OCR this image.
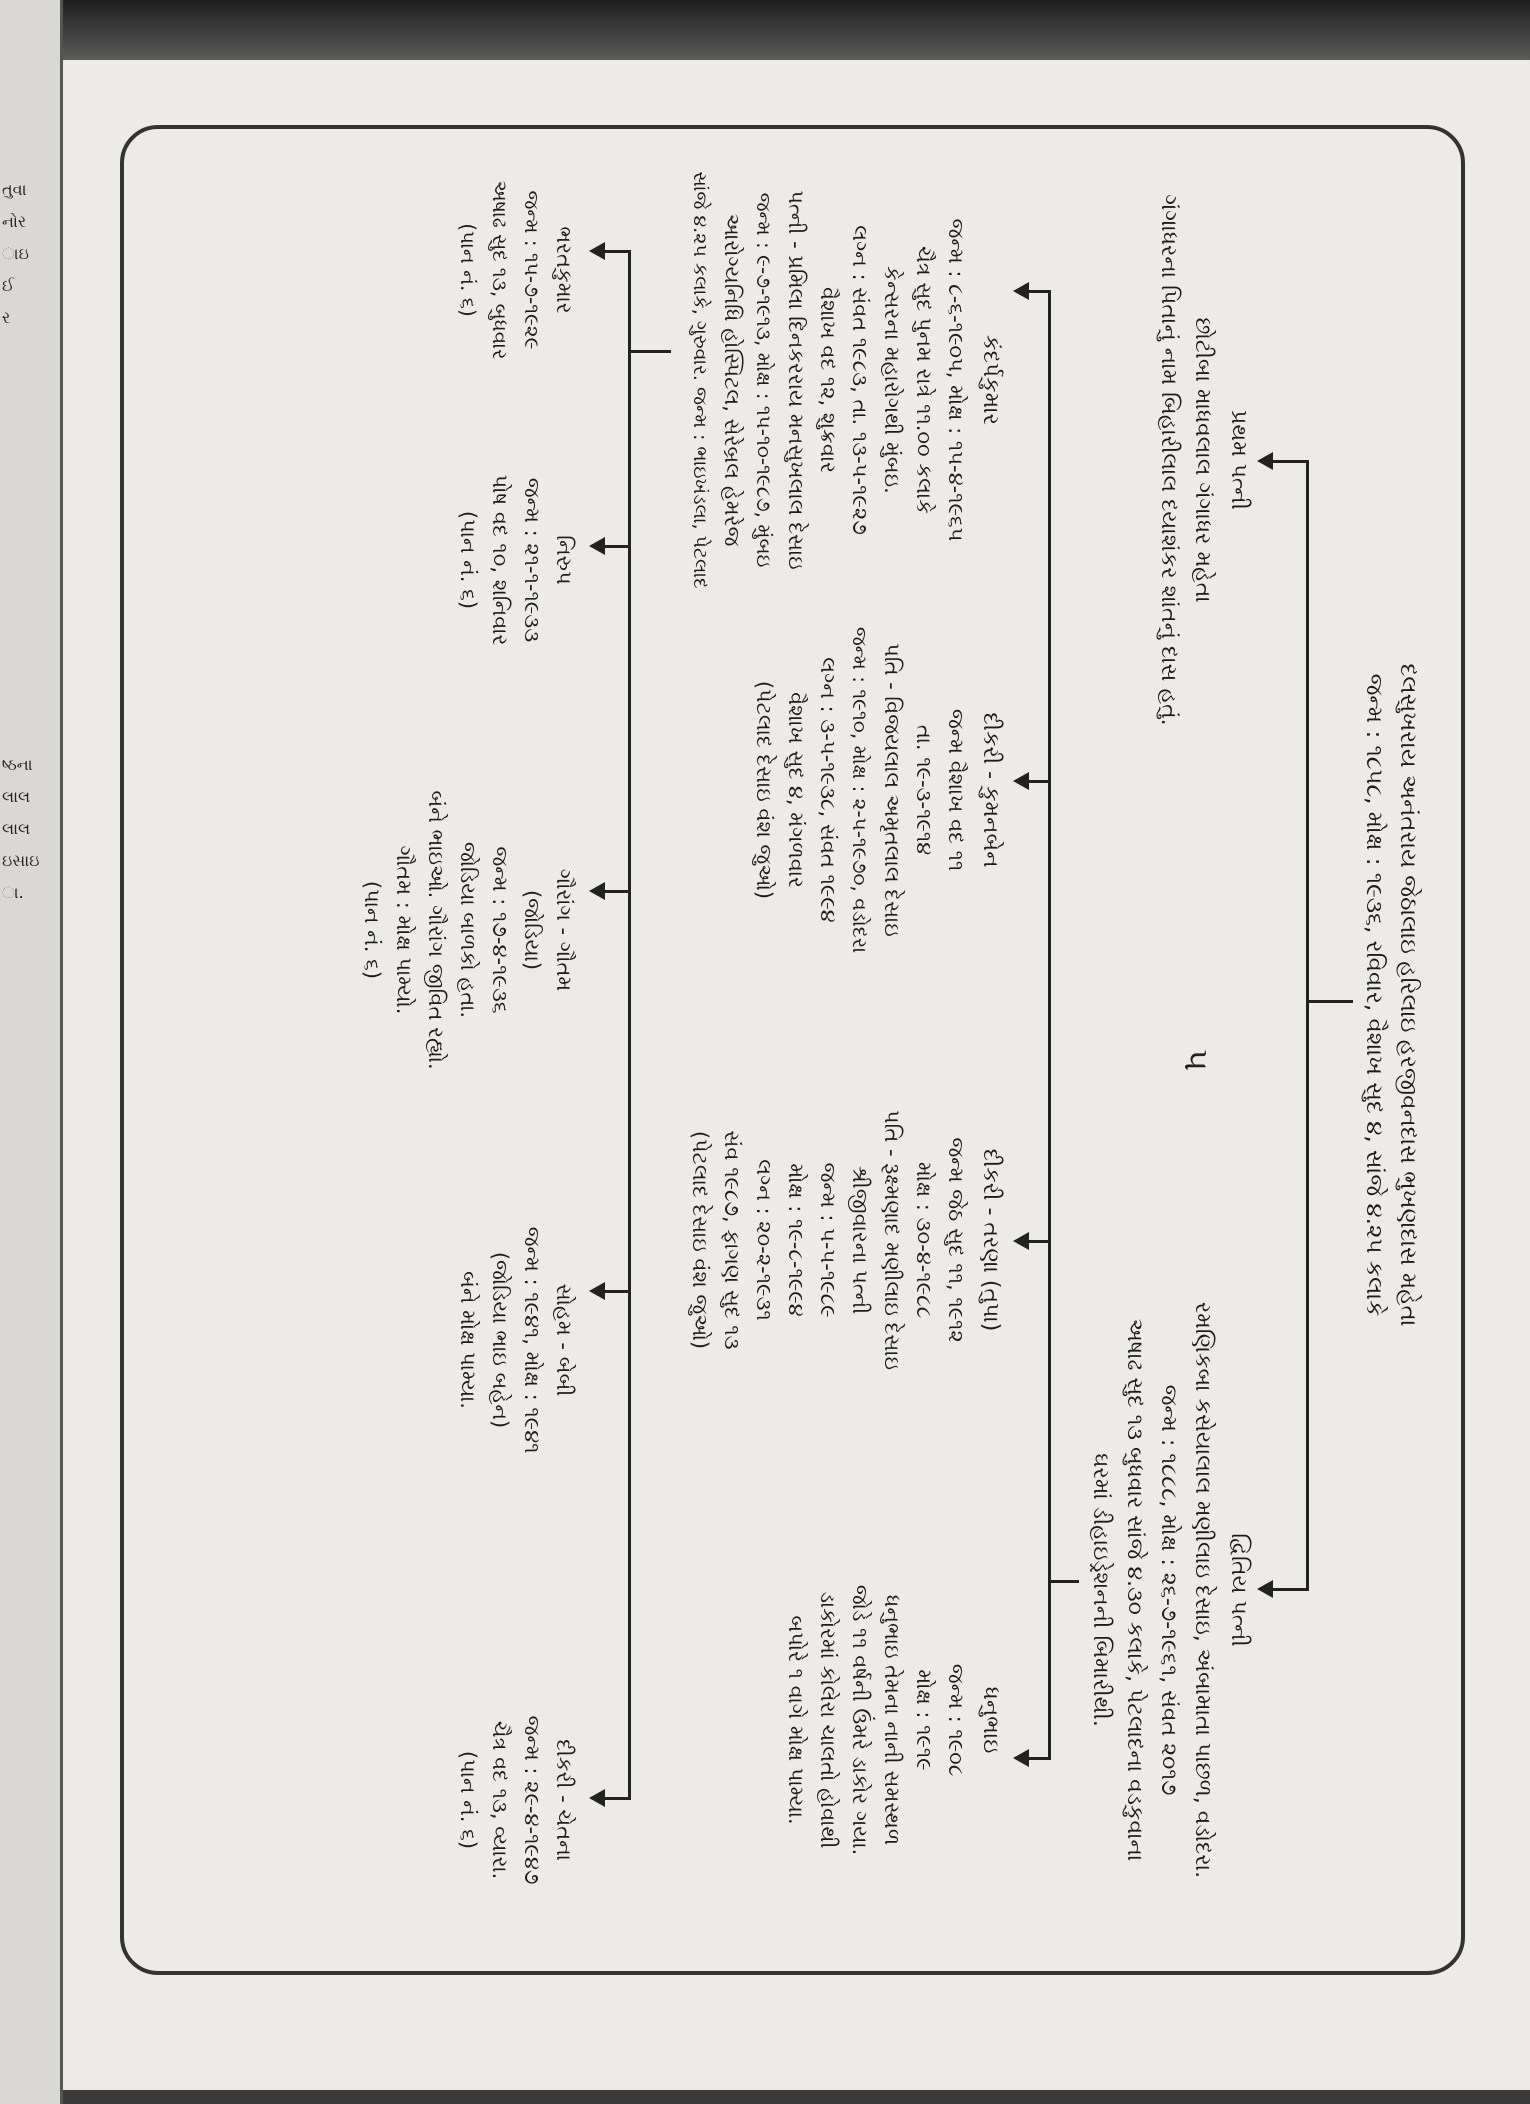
તુવા
નોર
ાઇ
ઈ
ર
ષ્ઠના
લાલ
લાલ
ઇસાઇ
ા.	દલસુખરાય અનંતરાય જેઠાલાઇ હરિલાઇ હરજીવનદાસ ભુખણદાસ મહેતા
જન્મ : ૧૮૫૮, મોક્ષ : ૧૯૩૬, રવિવાર, વૈશાખ સુદ ૪, સાંજે ૪.૨૫ કલાકે
પ્રથમ પત્ની
છોટીબા માધવલાલ ગંગાધર મહેતા
ગંગાધરના પિતાનું નામ બિહારીલાલ દયાશંકર શાંતનું દાસ હતું.
દ્વિતિય પત્ની
રમણિકબા કસેયાલાલ મણીલાઇ દેસાઇ, અંબામાતા પાછળ, વડોદરા.
જન્મ : ૧૮૮૮, મોક્ષ : ૨૬-૭-૧૯૬૧, સંવત ૨૦૧૭
અષાઢ સુદ ૧૩ બુધવાર સાંજે ૪.૩૦ કલાકે, પેટલાદના વડકુવાના
ઘરમાં ડીહાઇડ્રેશનની બિમારીથી.
કંદર્પકુમાર
જન્મ : ૮-૬-૧૯૦૫, મોક્ષ : ૧૫-૪-૧૯૬૫
ચૈત્ર સુદ પુનમ રાત્રે ૧૧.૦૦ કલાકે
કેન્સરના મહારોગથી મુંબઇ.
લગ્ન : સંવત ૧૯૮૩, તા. ૧૩-૫-૧૯૨૭
વૈશાખ વદ ૧૨, શુક્રવાર
પત્ની - પ્રમિલા દિનકરરાય મનસુખલાલ દેસાઇ
જન્મ : ૯-૭-૧૯૧૩, મોક્ષ : ૧૫-૧૦-૧૯૮૭, મુંબઇ
આરોગ્યનિધિ હોસ્પિટલ, સેરેબ્રલ હેમરેજ
સાંજે ૪.૨૫ કલાકે, ગુરુવાર. જન્મ : ભાઇખંડલા, પેટલાદ
દીકરી - કુમનબેન
જન્મ વૈશાખ વદ ૧૧
તા. ૧૯-૩-૧૯૧૪
પતિ - વિજયલાલ અમૃતલાલ દેસાઇ
જન્મ : ૧૯૧૦, મોક્ષ : ૨-૫-૧૯૭૦, વડોદરા
લગ્ન : ૩-૫-૧૯૩૮, સંવત ૧૯૯૪
વૈશાખ સુદ ૪, મંગળવાર
(પેટલાદ દેસાઇ વંશ જુઓ)
દીકરી - તરણા (તુપા)
જન્મ જેઠ સુદ ૧૧, ૧૯૧૨
મોક્ષ : ૩૦-૪-૧૯૮૮
પતિ - રૂક્ષ્મણાદ મણીલાઇ દેસાઇ
શ્રીજીવારના પત્ની
જન્મ : ૫-૫-૧૯૮૯
મોક્ષ : ૧૯-૮-૧૯૯૪
લગ્ન : ૨૦-૨-૧૯૩૧
સંવ ૧૯૮૭, ફાગણ સુદ ૧૩
(પેટલાદ દેસાઇ વંશ જુઓ)
ધનુભાઇ
જન્મ : ૧૯૦૮
મોક્ષ : ૧૯૧૯
ધનુભાઇ તેમના નાની સમસ્થળ
જોડે ૧૧ વર્ષની ઉંમરે ડાકોર ગયા.
ડાકોરમાં કોલેરા ચાલતો હોવાથી
બપોરે ૧ વાગે મોક્ષ પામ્યા.
ભરતકુમાર
જન્મ : ૧૫-૭-૧૯૨૯
અષાઢ સુદ ૧૩, બુધવાર
(પાન નં. ૬)
નિરુપ
જન્મ : ૨૧-૧-૧૯૩૩
પોષ વદ ૧૦, શનિવાર
(પાન નં. ૬)
ગૌરાંગ - ગૌતમ
(જોડિયા)
જન્મ : ૧૭-૪-૧૯૩૬
જોડિયા બાળકો હતા.
બંને ભાઇઓ. ગૌરાંગ જીવિત રહ્યો.
ગૌતમ : મોક્ષ પામ્યો.
(પાન નં. ૬)
સોહમ - બેબી
જન્મ : ૧૯૪૧, મોક્ષ : ૧૯૪૧
(જોડિયા ભાઇ બહેન)
બંને મોક્ષ પામ્યા.
દીકરી - ચેતના
જન્મ : ૨૯-૪-૧૯૪૭
ચૈત્ર વદ ૧૩, વ્યારા.
(પાન નં. ૬)
૫
